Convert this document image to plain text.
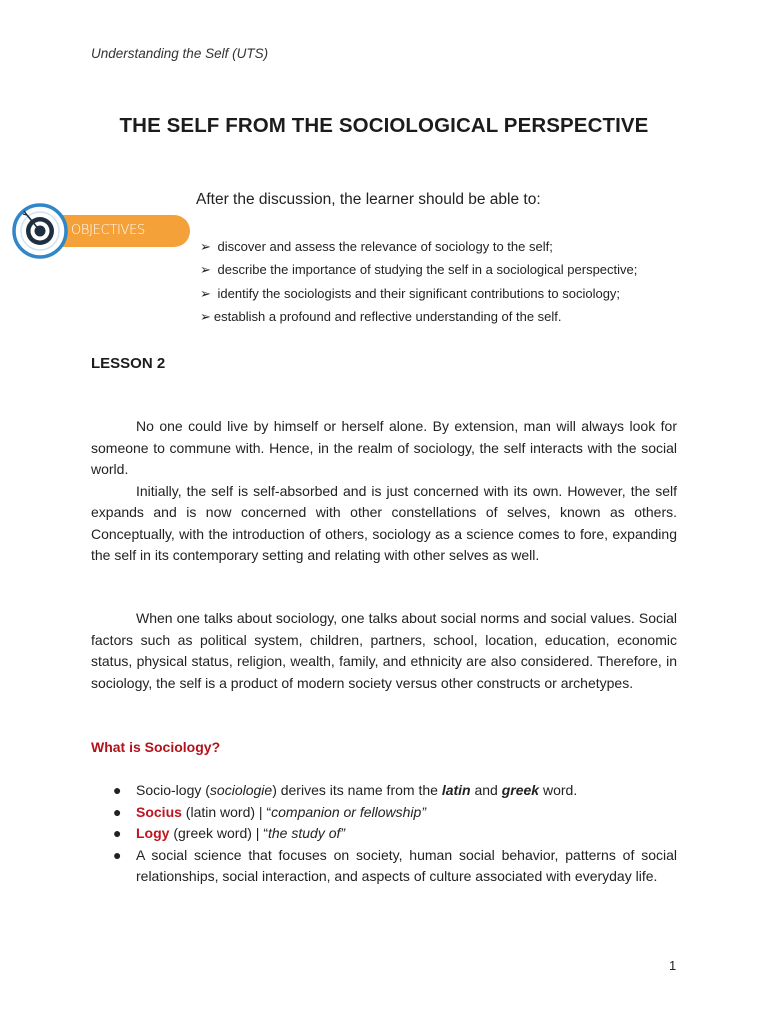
Understanding the Self (UTS)
THE SELF FROM THE SOCIOLOGICAL PERSPECTIVE
OBJECTIVES
After the discussion, the learner should be able to:
➢ discover and assess the relevance of sociology to the self;
➢ describe the importance of studying the self in a sociological perspective;
➢ identify the sociologists and their significant contributions to sociology;
➢ establish a profound and reflective understanding of the self.
LESSON 2

No one could live by himself or herself alone. By extension, man will always look for someone to commune with. Hence, in the realm of sociology, the self interacts with the social world.

Initially, the self is self-absorbed and is just concerned with its own. However, the self expands and is now concerned with other constellations of selves, known as others. Conceptually, with the introduction of others, sociology as a science comes to fore, expanding the self in its contemporary setting and relating with other selves as well.

When one talks about sociology, one talks about social norms and social values. Social factors such as political system, children, partners, school, location, education, economic status, physical status, religion, wealth, family, and ethnicity are also considered. Therefore, in sociology, the self is a product of modern society versus other constructs or archetypes.

What is Sociology?
● Socio-logy (sociologie) derives its name from the latin and greek word.
● Socius (latin word) | “companion or fellowship”
● Logy (greek word) | “the study of”
● A social science that focuses on society, human social behavior, patterns of social relationships, social interaction, and aspects of culture associated with everyday life.
1
